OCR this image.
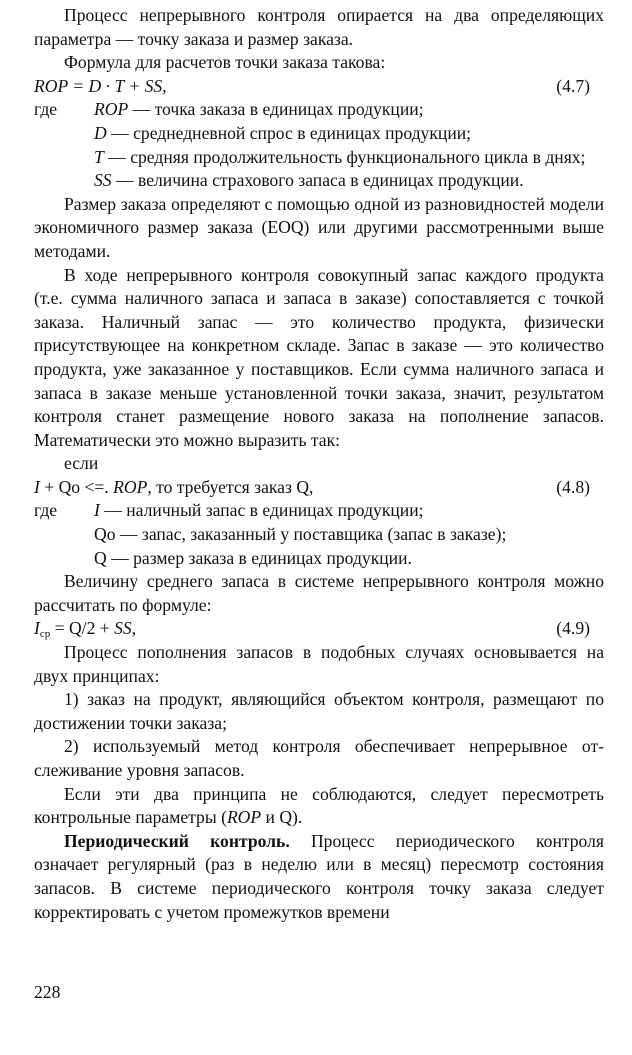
Процесс непрерывного контроля опирается на два определяющих параметра — точку заказа и размер заказа.

Формула для расчетов точки заказа такова:

ROP = D · T + SS,	(4.7)
где	ROP — точка заказа в единицах продукции;
D — среднедневной спрос в единицах продукции;
T — средняя продолжительность функционального цикла в днях;
SS — величина страхового запаса в единицах продукции.

Размер заказа определяют с помощью одной из разновидностей модели экономичного размер заказа (EOQ) или другими рассмотренными выше методами.

В ходе непрерывного контроля совокупный запас каждого продукта (т.е. сумма наличного запаса и запаса в заказе) сопоставляется с точкой заказа. Наличный запас — это количество продукта, физически присутствующее на конкретном складе. Запас в заказе — это количество продукта, уже заказанное у поставщиков. Если сумма наличного запаса и запаса в заказе меньше установленной точки заказа, значит, результатом контроля станет размещение нового заказа на пополнение запасов. Математически это можно выразить так:

если

I + Qo <=. ROP, то требуется заказ Q,	(4.8)
где	I — наличный запас в единицах продукции;
Qo — запас, заказанный у поставщика (запас в заказе);
Q –– размер заказа в единицах продукции.

Величину среднего запаса в системе непрерывного контроля можно рассчитать по формуле:

$I_{ср} = Q/2$ + SS,	(4.9)

Процесс пополнения запасов в подобных случаях основывается на двух принципах:

1) заказ на продукт, являющийся объектом контроля, размещают по достижении точки заказа;

2) используемый метод контроля обеспечивает непрерывное отслеживание уровня запасов.

Если эти два принципа не соблюдаются, следует пересмотреть контрольные параметры (ROP и Q).

Периодический контроль. Процесс периодического контроля означает регулярный (раз в неделю или в месяц) пересмотр состояния запасов. В системе периодического контроля точку заказа следует корректировать с учетом промежутков времени

228
